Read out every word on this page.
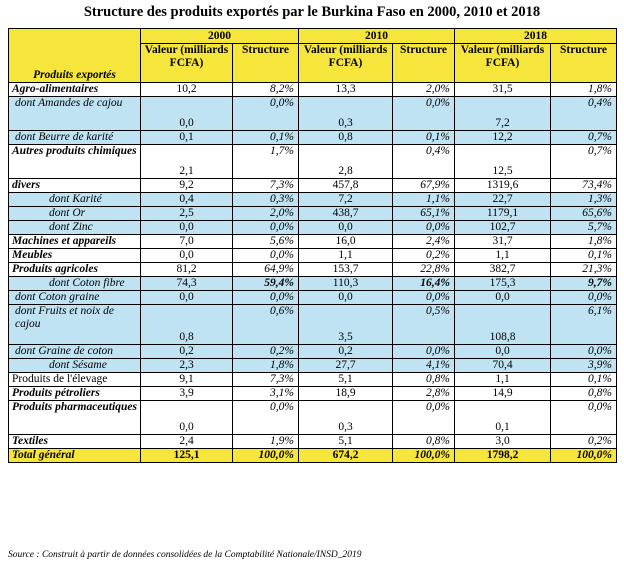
Structure des produits exportés par le Burkina Faso en 2000, 2010 et 2018
Produits exportés	2000		2010		2018	
	Valeur (milliards FCFA)	Structure	Valeur (milliards FCFA)	Structure	Valeur (milliards FCFA)	Structure
Agro-alimentaires	10,2	8,2%	13,3	2,0%	31,5	1,8%
dont Amandes de cajou	0,0	0,0%	0,3	0,0%	7,2	0,4%
dont Beurre de karité	0,1	0,1%	0,8	0,1%	12,2	0,7%
Autres produits chimiques	2,1	1,7%	2,8	0,4%	12,5	0,7%
divers	9,2	7,3%	457,8	67,9%	1319,6	73,4%
dont Karité	0,4	0,3%	7,2	1,1%	22,7	1,3%
dont Or	2,5	2,0%	438,7	65,1%	1179,1	65,6%
dont Zinc	0,0	0,0%	0,0	0,0%	102,7	5,7%
Machines et appareils	7,0	5,6%	16,0	2,4%	31,7	1,8%
Meubles	0,0	0,0%	1,1	0,2%	1,1	0,1%
Produits agricoles	81,2	64,9%	153,7	22,8%	382,7	21,3%
dont Coton fibre	74,3	59,4%	110,3	16,4%	175,3	9,7%
dont Coton graine	0,0	0,0%	0,0	0,0%	0,0	0,0%
dont Fruits et noix de cajou	0,8	0,6%	3,5	0,5%	108,8	6,1%
dont Graine de coton	0,2	0,2%	0,2	0,0%	0,0	0,0%
dont Sésame	2,3	1,8%	27,7	4,1%	70,4	3,9%
Produits de l'élevage	9,1	7,3%	5,1	0,8%	1,1	0,1%
Produits pétroliers	3,9	3,1%	18,9	2,8%	14,9	0,8%
Produits pharmaceutiques	0,0	0,0%	0,3	0,0%	0,1	0,0%
Textiles	2,4	1,9%	5,1	0,8%	3,0	0,2%
Total général	125,1	100,0%	674,2	100,0%	1798,2	100,0%
Source : Construit à partir de données consolidées de la Comptabilité Nationale/INSD_2019
